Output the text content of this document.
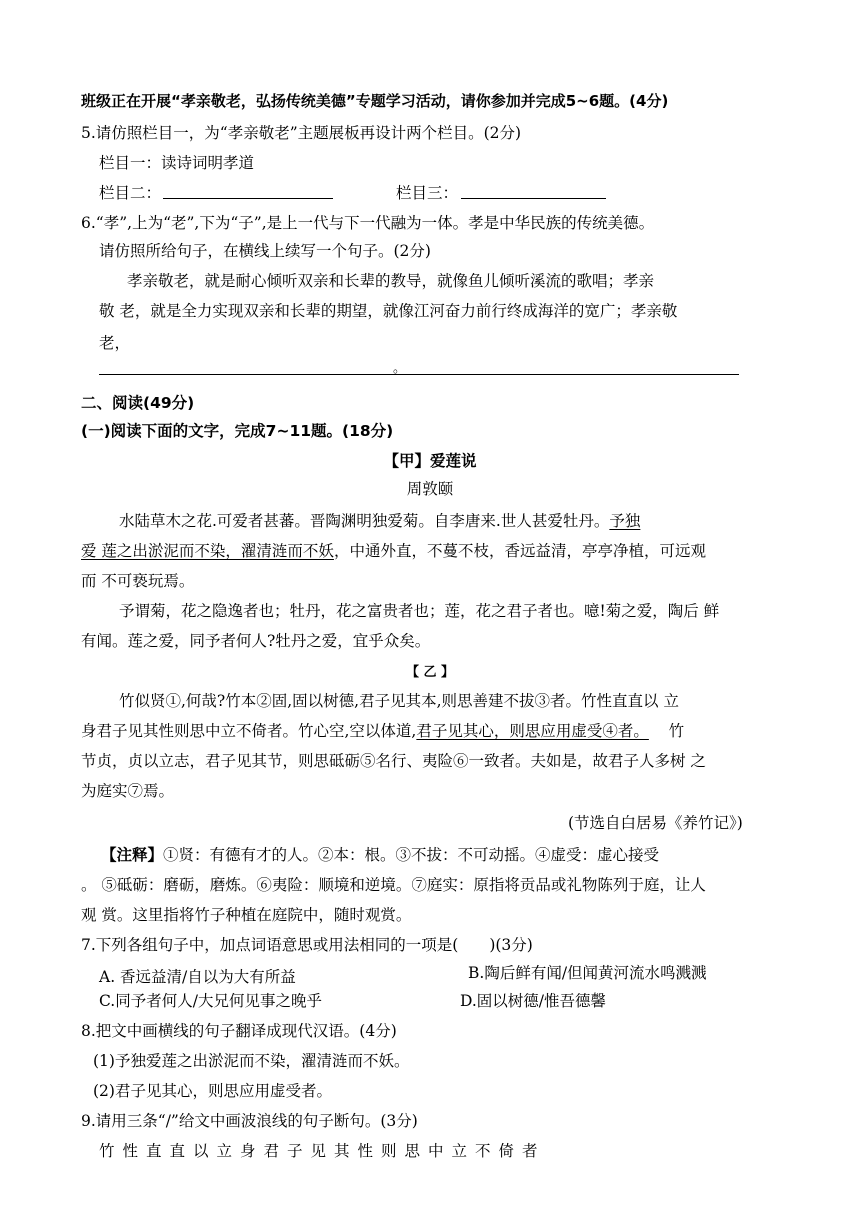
班级正在开展“孝亲敬老，弘扬传统美德”专题学习活动，请你参加并完成5~6题。(4分)
5.请仿照栏目一，为“孝亲敬老”主题展板再设计两个栏目。(2分)
栏目一：读诗词明孝道
栏目二：	栏目三：
6.“孝”,上为“老”,下为“子”,是上一代与下一代融为一体。孝是中华民族的传统美德。
请仿照所给句子，在横线上续写一个句子。(2分)
孝亲敬老，就是耐心倾听双亲和长辈的教导，就像鱼儿倾听溪流的歌唱；孝亲
敬 老，就是全力实现双亲和长辈的期望，就像江河奋力前行终成海洋的宽广；孝亲敬
老，
。
二、阅读(49分)
(一)阅读下面的文字，完成7~11题。(18分)
【甲】爱莲说
周敦颐
水陆草木之花.可爱者甚蕃。晋陶渊明独爱菊。自李唐来.世人甚爱牡丹。予独
爱 莲之出淤泥而不染，濯清涟而不妖，中通外直，不蔓不枝，香远益清，亭亭净植，可远观
而 不可亵玩焉。
予谓菊，花之隐逸者也；牡丹，花之富贵者也；莲，花之君子者也。噫!菊之爱，陶后 鲜
有闻。莲之爱，同予者何人?牡丹之爱，宜乎众矣。
【 乙 】
竹似贤①,何哉?竹本②固,固以树德,君子见其本,则思善建不拔③者。竹性直直以 立
身君子见其性则思中立不倚者。竹心空,空以体道,君子见其心，则思应用虚受④者。 竹
节贞，贞以立志，君子见其节，则思砥砺⑤名行、夷险⑥一致者。夫如是，故君子人多树 之
为庭实⑦焉。
(节选自白居易《养竹记》)
【注释】①贤：有德有才的人。②本：根。③不拔：不可动摇。④虚受：虚心接受
。 ⑤砥砺：磨砺，磨炼。⑥夷险：顺境和逆境。⑦庭实：原指将贡品或礼物陈列于庭，让人
观 赏。这里指将竹子种植在庭院中，随时观赏。
7.下列各组句子中，加点词语意思或用法相同的一项是(　　)(3分)
A. 香远益清/自以为大有所益	B.陶后鲜有闻/但闻黄河流水鸣溅溅
C.同予者何人/大兄何见事之晚乎	D.固以树德/惟吾德馨
8.把文中画横线的句子翻译成现代汉语。(4分)
(1)予独爱莲之出淤泥而不染，濯清涟而不妖。
(2)君子见其心，则思应用虚受者。
9.请用三条“/”给文中画波浪线的句子断句。(3分)
竹性直直以立身君子见其性则思中立不倚者
